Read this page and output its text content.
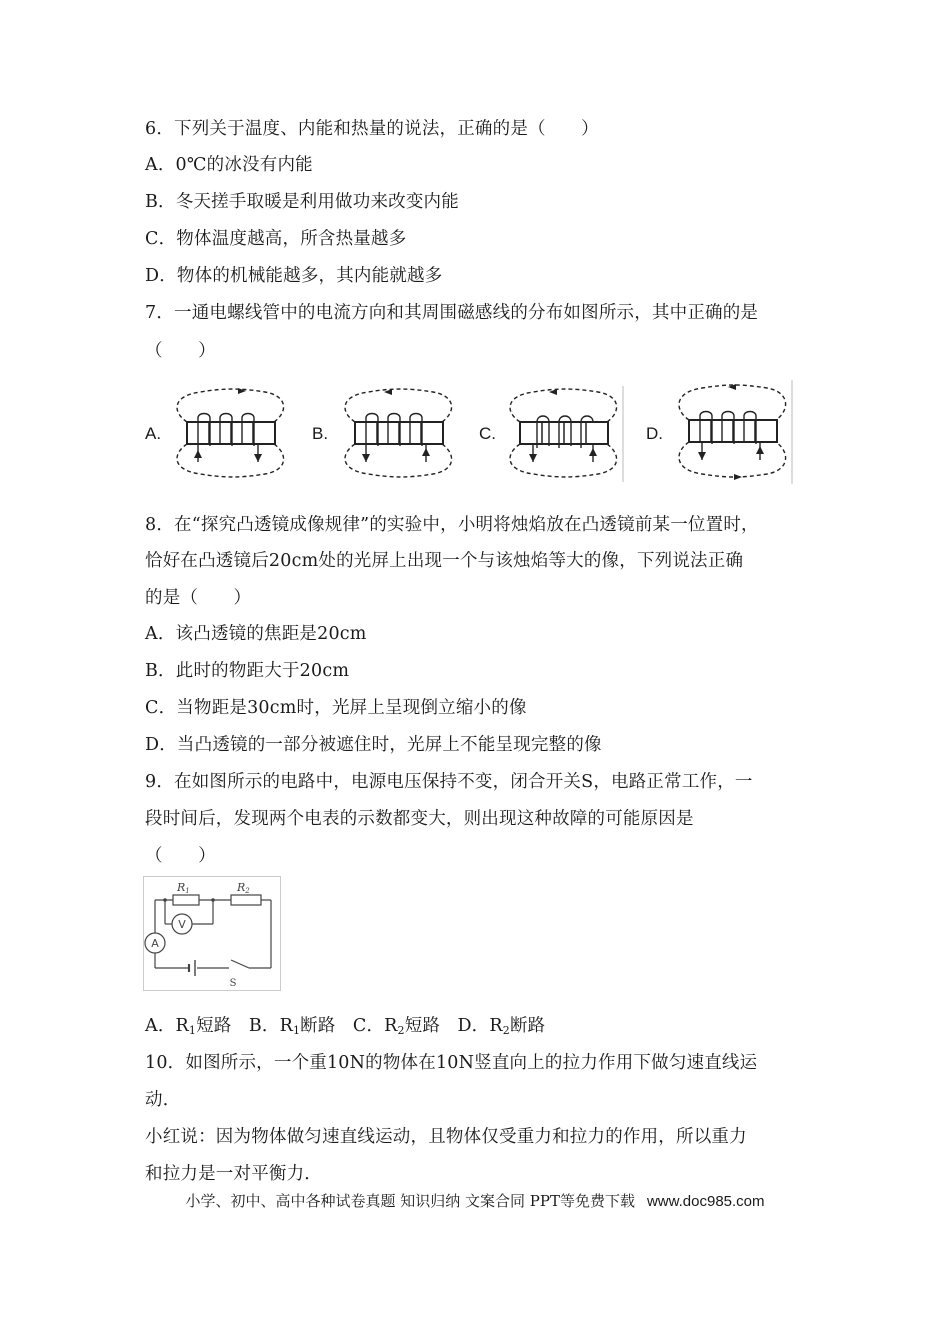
6．下列关于温度、内能和热量的说法，正确的是（　　）
A．0℃的冰没有内能
B．冬天搓手取暖是利用做功来改变内能
C．物体温度越高，所含热量越多
D．物体的机械能越多，其内能就越多
7．一通电螺线管中的电流方向和其周围磁感线的分布如图所示，其中正确的是
（　　）
A.	B.	C.	D.
8．在“探究凸透镜成像规律”的实验中，小明将烛焰放在凸透镜前某一位置时，
恰好在凸透镜后20cm处的光屏上出现一个与该烛焰等大的像，下列说法正确
的是（　　）
A．该凸透镜的焦距是20cm
B．此时的物距大于20cm
C．当物距是30cm时，光屏上呈现倒立缩小的像
D．当凸透镜的一部分被遮住时，光屏上不能呈现完整的像
9．在如图所示的电路中，电源电压保持不变，闭合开关S，电路正常工作，一
段时间后，发现两个电表的示数都变大，则出现这种故障的可能原因是
（　　）
R1	R2
V
A
S
A．R1短路 B．R1断路 C．R2短路 D．R2断路
10．如图所示，一个重10N的物体在10N竖直向上的拉力作用下做匀速直线运
动．
小红说：因为物体做匀速直线运动，且物体仅受重力和拉力的作用，所以重力
和拉力是一对平衡力．
小学、初中、高中各种试卷真题 知识归纳 文案合同 PPT等免费下载 www.doc985.com
